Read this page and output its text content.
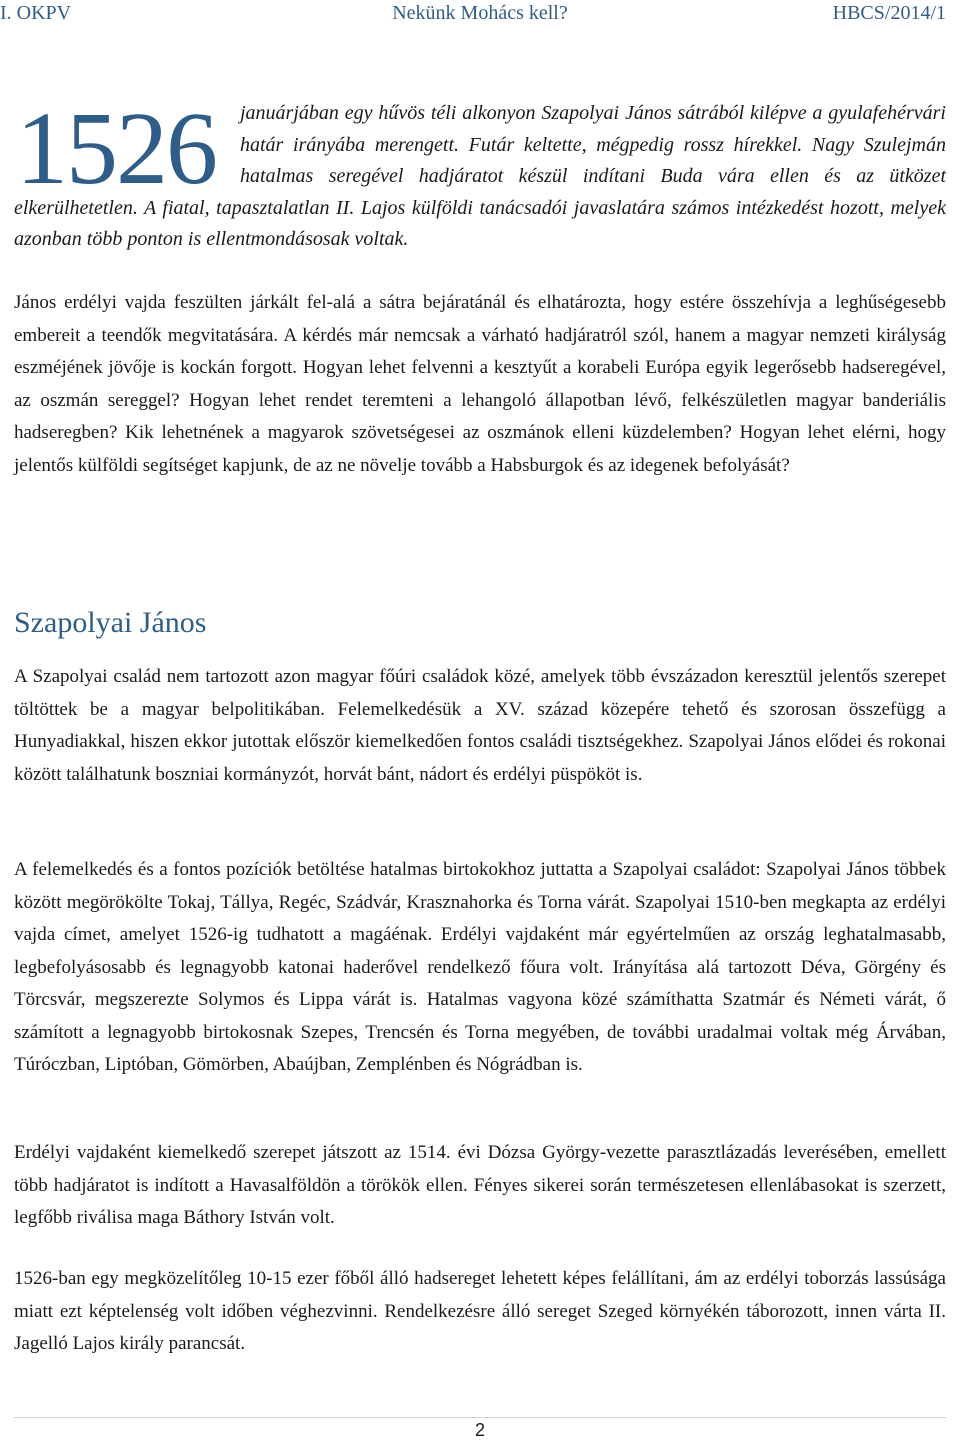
Nekünk Mohács kell?
I. OKPV	HBCS/2014/1
1526	januárjában egy hűvös téli alkonyon Szapolyai János sátrából kilépve a gyulafehérvári határ irányába merengett. Futár keltette, mégpedig rossz hírekkel. Nagy Szulejmán hatalmas seregével hadjáratot készül indítani Buda vára ellen és az ütközet elkerülhetetlen. A fiatal, tapasztalatlan II. Lajos külföldi tanácsadói javaslatára számos intézkedést hozott, melyek azonban több ponton is ellentmondásosak voltak.

János erdélyi vajda feszülten járkált fel-alá a sátra bejáratánál és elhatározta, hogy estére összehívja a leghűségesebb embereit a teendők megvitatására. A kérdés már nemcsak a várható hadjáratról szól, hanem a magyar nemzeti királyság eszméjének jövője is kockán forgott. Hogyan lehet felvenni a kesztyűt a korabeli Európa egyik legerősebb hadseregével, az oszmán sereggel? Hogyan lehet rendet teremteni a lehangoló állapotban lévő, felkészületlen magyar banderiális hadseregben? Kik lehetnének a magyarok szövetségesei az oszmánok elleni küzdelemben? Hogyan lehet elérni, hogy jelentős külföldi segítséget kapjunk, de az ne növelje tovább a Habsburgok és az idegenek befolyását?

Szapolyai János

A Szapolyai család nem tartozott azon magyar főúri családok közé, amelyek több évszázadon keresztül jelentős szerepet töltöttek be a magyar belpolitikában. Felemelkedésük a XV. század közepére tehető és szorosan összefügg a Hunyadiakkal, hiszen ekkor jutottak először kiemelkedően fontos családi tisztségekhez. Szapolyai János elődei és rokonai között találhatunk boszniai kormányzót, horvát bánt, nádort és erdélyi püspököt is.

A felemelkedés és a fontos pozíciók betöltése hatalmas birtokokhoz juttatta a Szapolyai családot: Szapolyai János többek között megörökölte Tokaj, Tállya, Regéc, Szádvár, Krasznahorka és Torna várát. Szapolyai 1510-ben megkapta az erdélyi vajda címet, amelyet 1526-ig tudhatott a magáénak. Erdélyi vajdaként már egyértelműen az ország leghatalmasabb, legbefolyásosabb és legnagyobb katonai haderővel rendelkező főura volt. Irányítása alá tartozott Déva, Görgény és Törcsvár, megszerezte Solymos és Lippa várát is. Hatalmas vagyona közé számíthatta Szatmár és Németi várát, ő számított a legnagyobb birtokosnak Szepes, Trencsén és Torna megyében, de további uradalmai voltak még Árvában, Túróczban, Liptóban, Gömörben, Abaújban, Zemplénben és Nógrádban is.

Erdélyi vajdaként kiemelkedő szerepet játszott az 1514. évi Dózsa György-vezette parasztlázadás leverésében, emellett több hadjáratot is indított a Havasalföldön a törökök ellen. Fényes sikerei során természetesen ellenlábasokat is szerzett, legfőbb riválisa maga Báthory István volt.

1526-ban egy megközelítőleg 10-15 ezer főből álló hadsereget lehetett képes felállítani, ám az erdélyi toborzás lassúsága miatt ezt képtelenség volt időben véghezvinni. Rendelkezésre álló sereget Szeged környékén táborozott, innen várta II. Jagelló Lajos király parancsát.

2
